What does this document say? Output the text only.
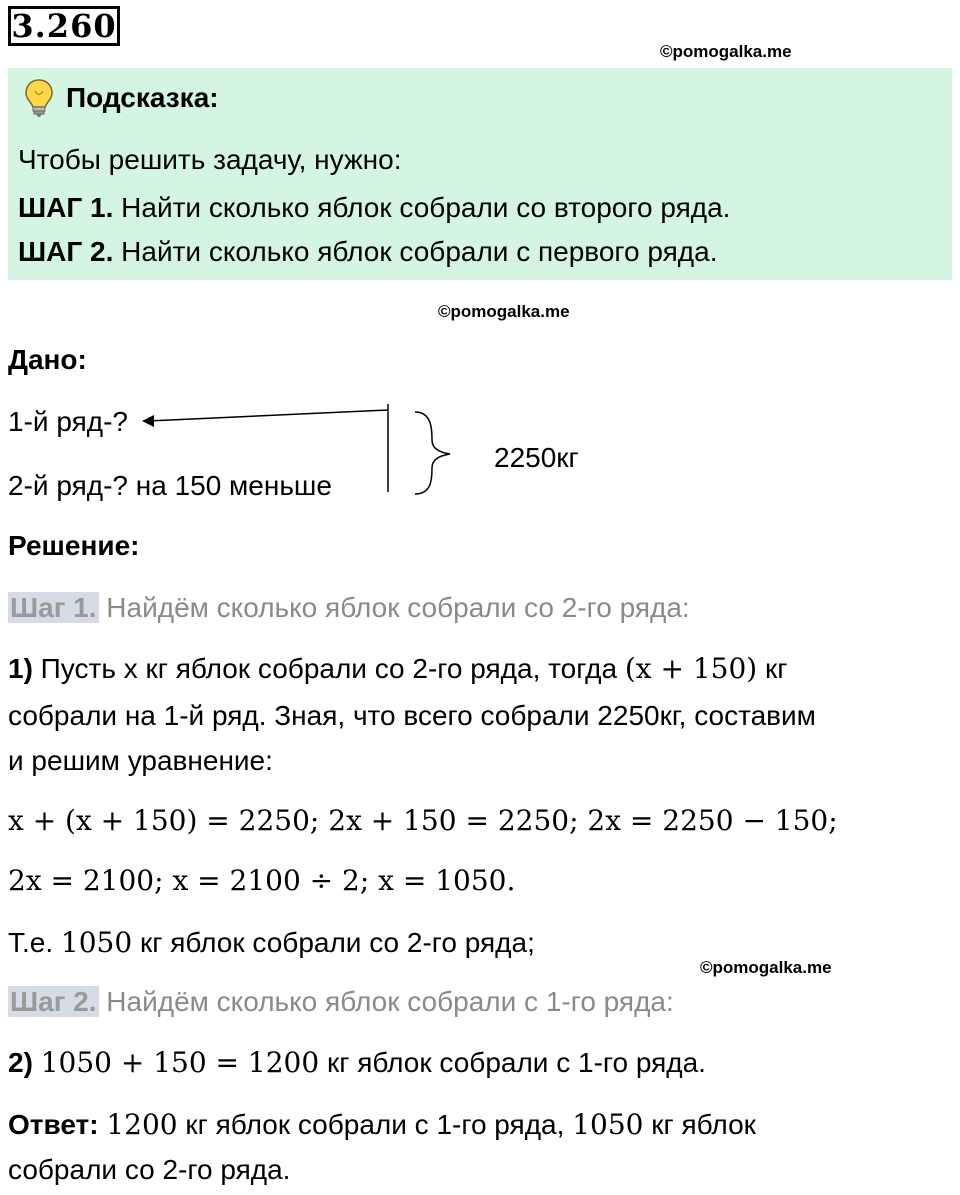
3.260
©pomogalka.me
Подсказка:
Чтобы решить задачу, нужно:
ШАГ 1. Найти сколько яблок собрали со второго ряда.
ШАГ 2. Найти сколько яблок собрали с первого ряда.
©pomogalka.me
Дано:
1-й ряд-?
2-й ряд-? на 150 меньше
2250кг
Решение:
Шаг 1. Найдём сколько яблок собрали со 2-го ряда:
1) Пусть х кг яблок собрали со 2-го ряда, тогда (x + 150) кг
собрали на 1-й ряд. Зная, что всего собрали 2250кг, составим
и решим уравнение:
x + (x + 150) = 2250; 2x + 150 = 2250; 2x = 2250 − 150;
2x = 2100; x = 2100 ÷ 2; x = 1050.
Т.е. 1050 кг яблок собрали со 2-го ряда;
©pomogalka.me
Шаг 2. Найдём сколько яблок собрали с 1-го ряда:
2) 1050 + 150 = 1200 кг яблок собрали с 1-го ряда.
Ответ: 1200 кг яблок собрали с 1-го ряда, 1050 кг яблок
собрали со 2-го ряда.
